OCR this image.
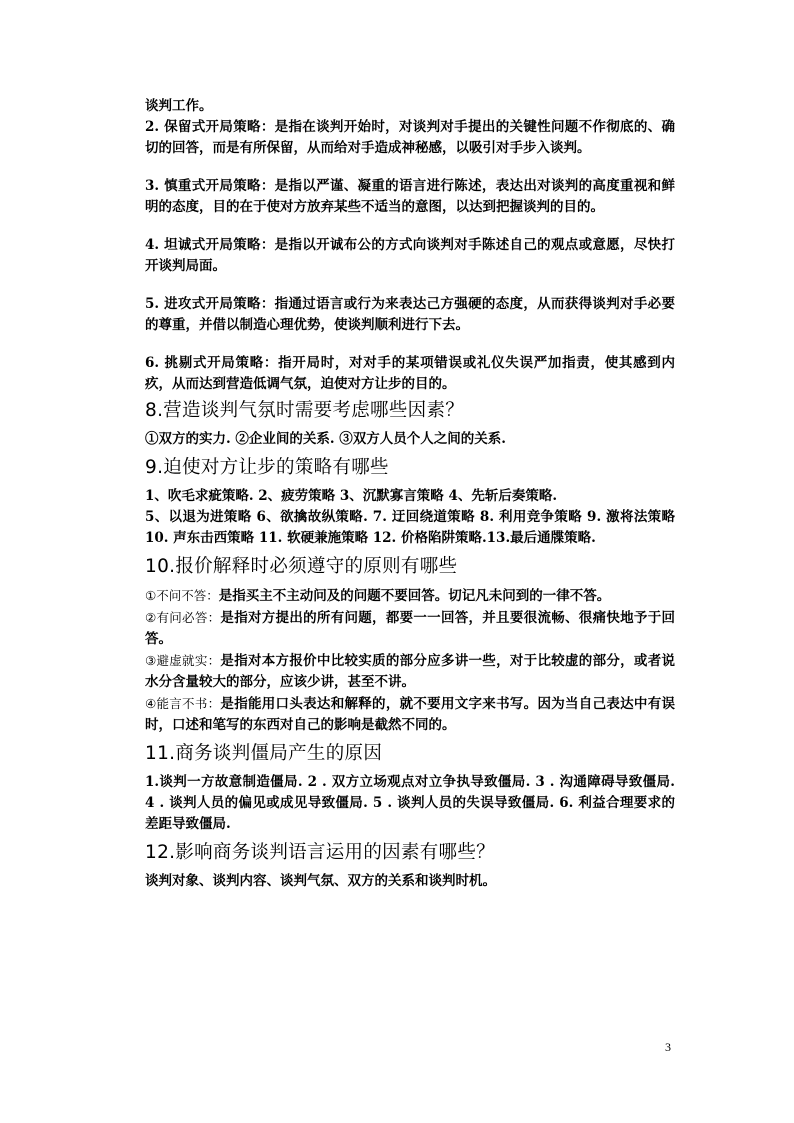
谈判工作。

2. 保留式开局策略：是指在谈判开始时，对谈判对手提出的关键性问题不作彻底的、确切的回答，而是有所保留，从而给对手造成神秘感，以吸引对手步入谈判。

3. 慎重式开局策略：是指以严谨、凝重的语言进行陈述，表达出对谈判的高度重视和鲜明的态度，目的在于使对方放弃某些不适当的意图，以达到把握谈判的目的。

4. 坦诚式开局策略：是指以开诚布公的方式向谈判对手陈述自己的观点或意愿，尽快打开谈判局面。

5. 进攻式开局策略：指通过语言或行为来表达己方强硬的态度，从而获得谈判对手必要的尊重，并借以制造心理优势，使谈判顺利进行下去。

6. 挑剔式开局策略：指开局时，对对手的某项错误或礼仪失误严加指责，使其感到内疚，从而达到营造低调气氛，迫使对方让步的目的。

8.营造谈判气氛时需要考虑哪些因素？

①双方的实力. ②企业间的关系. ③双方人员个人之间的关系.

9.迫使对方让步的策略有哪些

1、吹毛求疵策略. 2、疲劳策略 3、沉默寡言策略 4、先斩后奏策略.

5、以退为进策略 6、欲擒故纵策略. 7. 迂回绕道策略 8. 利用竞争策略 9. 激将法策略 10. 声东击西策略 11. 软硬兼施策略 12. 价格陷阱策略.13.最后通牒策略.

10.报价解释时必须遵守的原则有哪些

①不问不答：是指买主不主动问及的问题不要回答。切记凡未问到的一律不答。

②有问必答：是指对方提出的所有问题，都要一一回答，并且要很流畅、很痛快地予于回答。

③避虚就实：是指对本方报价中比较实质的部分应多讲一些，对于比较虚的部分，或者说水分含量较大的部分，应该少讲，甚至不讲。

④能言不书：是指能用口头表达和解释的，就不要用文字来书写。因为当自己表达中有误时，口述和笔写的东西对自己的影响是截然不同的。

11.商务谈判僵局产生的原因

1.谈判一方故意制造僵局. 2 . 双方立场观点对立争执导致僵局. 3 . 沟通障碍导致僵局. 4 . 谈判人员的偏见或成见导致僵局. 5 . 谈判人员的失误导致僵局. 6. 利益合理要求的差距导致僵局.

12.影响商务谈判语言运用的因素有哪些？

谈判对象、谈判内容、谈判气氛、双方的关系和谈判时机。

3
